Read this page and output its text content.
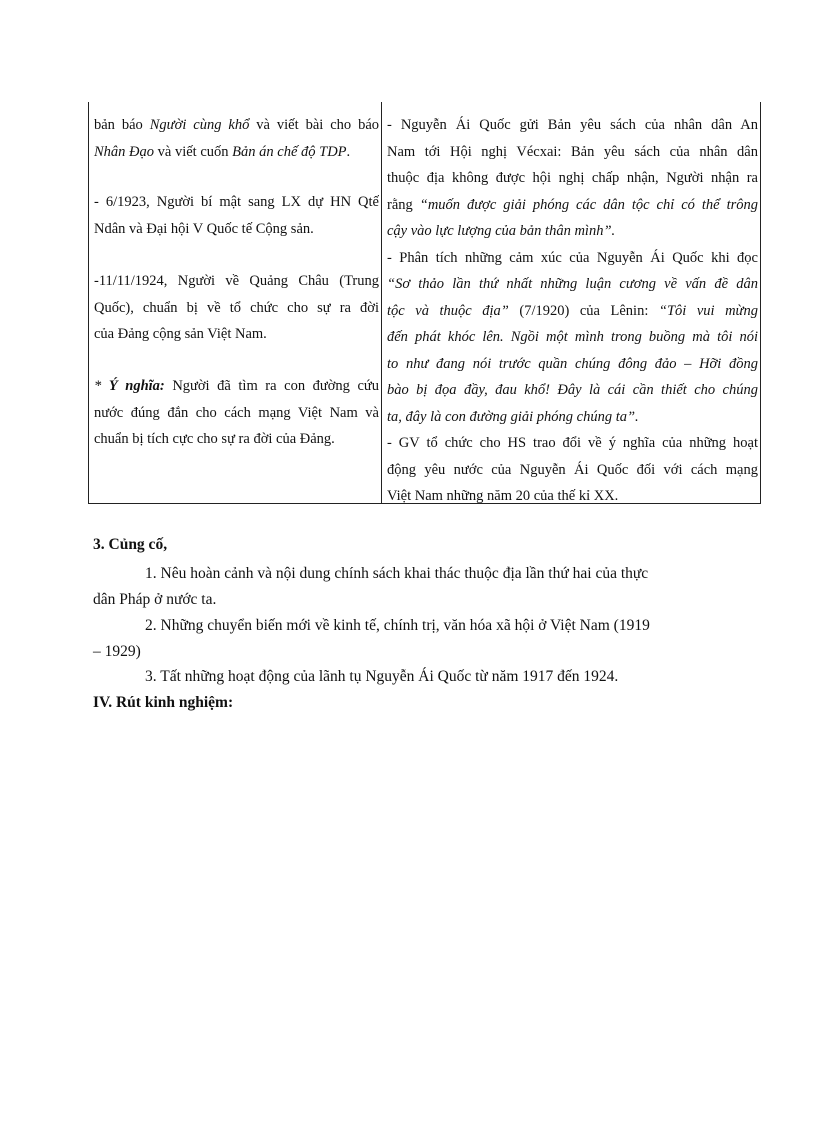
bản báo Người cùng khổ và viết bài cho báo
Nhân Đạo và viết cuốn Bản án chế độ TDP.
- 6/1923, Người bí mật sang LX dự HN Qtế
Ndân và Đại hội V Quốc tế Cộng sản.
-11/11/1924, Người về Quảng Châu (Trung
Quốc), chuẩn bị về tổ chức cho sự ra đời
của Đảng cộng sản Việt Nam.
* Ý nghĩa: Người đã tìm ra con đường cứu
nước đúng đắn cho cách mạng Việt Nam và
chuẩn bị tích cực cho sự ra đời của Đảng.
- Nguyễn Ái Quốc gửi Bản yêu sách của nhân dân An
Nam tới Hội nghị Vécxai: Bản yêu sách của nhân dân
thuộc địa không được hội nghị chấp nhận, Người nhận ra
rằng “muốn được giải phóng các dân tộc chỉ có thể trông
cậy vào lực lượng của bản thân mình”.
- Phân tích những cảm xúc của Nguyễn Ái Quốc khi đọc
“Sơ thảo lần thứ nhất những luận cương về vấn đề dân
tộc và thuộc địa” (7/1920) của Lênin: “Tôi vui mừng
đến phát khóc lên. Ngồi một mình trong buồng mà tôi nói
to như đang nói trước quần chúng đông đảo – Hỡi đồng
bào bị đọa đầy, đau khổ! Đây là cái cần thiết cho chúng
ta, đây là con đường giải phóng chúng ta”.
- GV tổ chức cho HS trao đổi về ý nghĩa của những hoạt
động yêu nước của Nguyễn Ái Quốc đối với cách mạng
Việt Nam những năm 20 của thế kỉ XX.
3. Củng cố,
1. Nêu hoàn cảnh và nội dung chính sách khai thác thuộc địa lần thứ hai của thực
dân Pháp ở nước ta.
2. Những chuyển biến mới về kinh tế, chính trị, văn hóa xã hội ở Việt Nam (1919
– 1929)
3. Tất những hoạt động của lãnh tụ Nguyễn Ái Quốc từ năm 1917 đến 1924.
IV. Rút kinh nghiệm:
